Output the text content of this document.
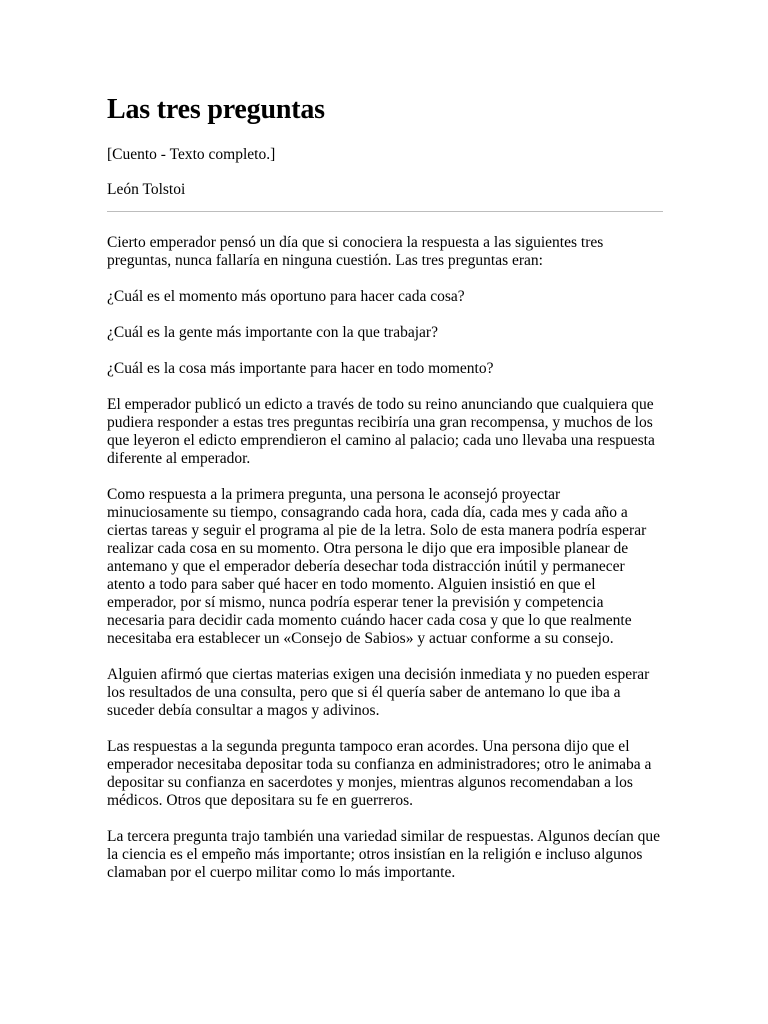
Las tres preguntas

[Cuento - Texto completo.]

León Tolstoi

Cierto emperador pensó un día que si conociera la respuesta a las siguientes tres preguntas, nunca fallaría en ninguna cuestión. Las tres preguntas eran:

¿Cuál es el momento más oportuno para hacer cada cosa?

¿Cuál es la gente más importante con la que trabajar?

¿Cuál es la cosa más importante para hacer en todo momento?

El emperador publicó un edicto a través de todo su reino anunciando que cualquiera que pudiera responder a estas tres preguntas recibiría una gran recompensa, y muchos de los que leyeron el edicto emprendieron el camino al palacio; cada uno llevaba una respuesta diferente al emperador.

Como respuesta a la primera pregunta, una persona le aconsejó proyectar minuciosamente su tiempo, consagrando cada hora, cada día, cada mes y cada año a ciertas tareas y seguir el programa al pie de la letra. Solo de esta manera podría esperar realizar cada cosa en su momento. Otra persona le dijo que era imposible planear de antemano y que el emperador debería desechar toda distracción inútil y permanecer atento a todo para saber qué hacer en todo momento. Alguien insistió en que el emperador, por sí mismo, nunca podría esperar tener la previsión y competencia necesaria para decidir cada momento cuándo hacer cada cosa y que lo que realmente necesitaba era establecer un «Consejo de Sabios» y actuar conforme a su consejo.

Alguien afirmó que ciertas materias exigen una decisión inmediata y no pueden esperar los resultados de una consulta, pero que si él quería saber de antemano lo que iba a suceder debía consultar a magos y adivinos.

Las respuestas a la segunda pregunta tampoco eran acordes. Una persona dijo que el emperador necesitaba depositar toda su confianza en administradores; otro le animaba a depositar su confianza en sacerdotes y monjes, mientras algunos recomendaban a los médicos. Otros que depositara su fe en guerreros.

La tercera pregunta trajo también una variedad similar de respuestas. Algunos decían que la ciencia es el empeño más importante; otros insistían en la religión e incluso algunos clamaban por el cuerpo militar como lo más importante.
